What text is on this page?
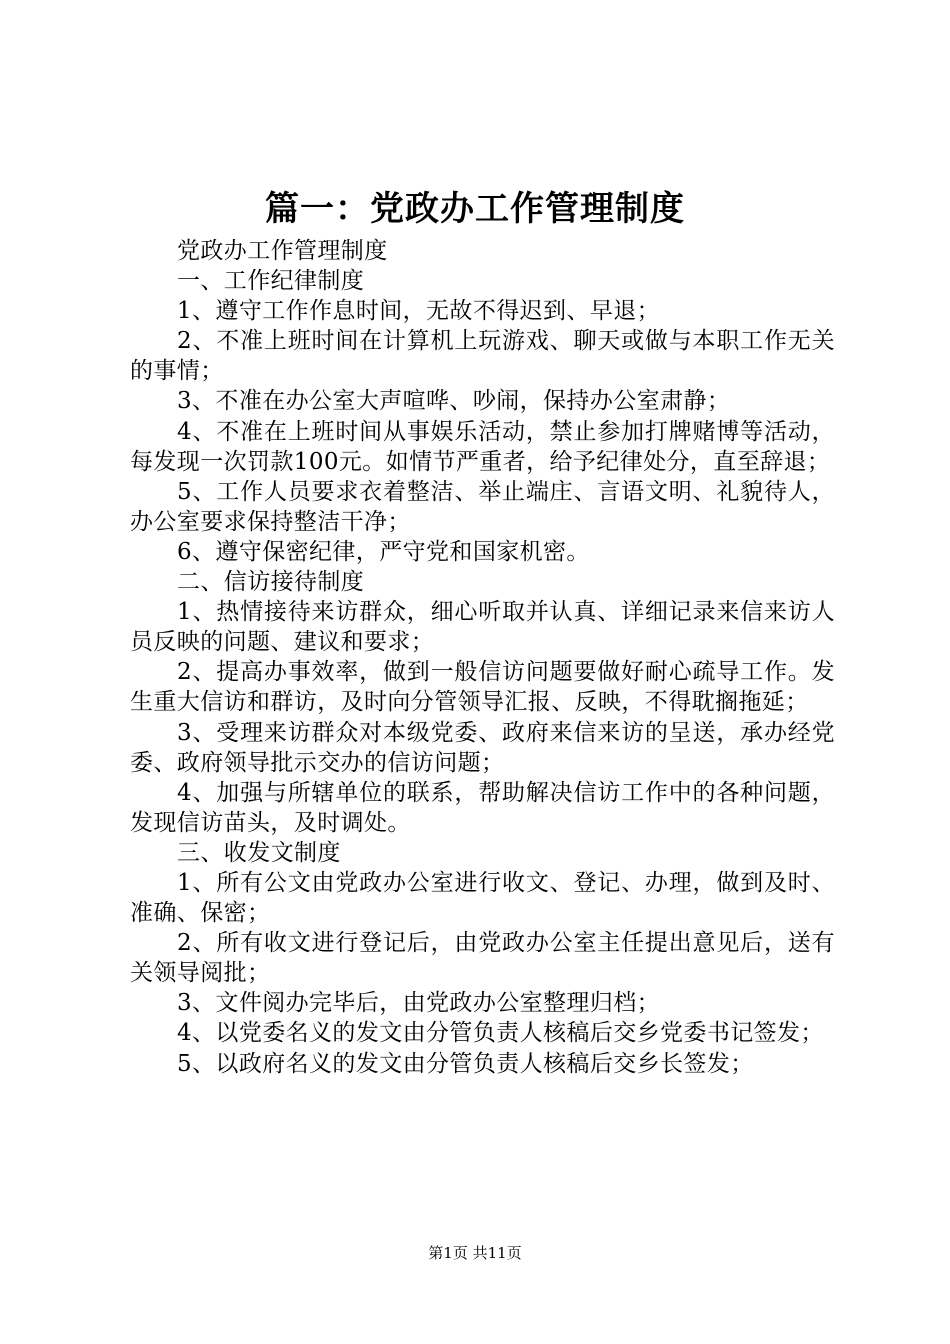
篇一：党政办工作管理制度

党政办工作管理制度

一、工作纪律制度

1、遵守工作作息时间，无故不得迟到、早退；

2、不准上班时间在计算机上玩游戏、聊天或做与本职工作无关的事情；

3、不准在办公室大声喧哗、吵闹，保持办公室肃静；

4、不准在上班时间从事娱乐活动，禁止参加打牌赌博等活动，每发现一次罚款100元。如情节严重者，给予纪律处分，直至辞退；

5、工作人员要求衣着整洁、举止端庄、言语文明、礼貌待人，办公室要求保持整洁干净；

6、遵守保密纪律，严守党和国家机密。

二、信访接待制度

1、热情接待来访群众，细心听取并认真、详细记录来信来访人员反映的问题、建议和要求；

2、提高办事效率，做到一般信访问题要做好耐心疏导工作。发生重大信访和群访，及时向分管领导汇报、反映，不得耽搁拖延；

3、受理来访群众对本级党委、政府来信来访的呈送，承办经党委、政府领导批示交办的信访问题；

4、加强与所辖单位的联系，帮助解决信访工作中的各种问题，发现信访苗头，及时调处。

三、收发文制度

1、所有公文由党政办公室进行收文、登记、办理，做到及时、准确、保密；

2、所有收文进行登记后，由党政办公室主任提出意见后，送有关领导阅批；

3、文件阅办完毕后，由党政办公室整理归档；

4、以党委名义的发文由分管负责人核稿后交乡党委书记签发；

5、以政府名义的发文由分管负责人核稿后交乡长签发；

第1页 共11页
